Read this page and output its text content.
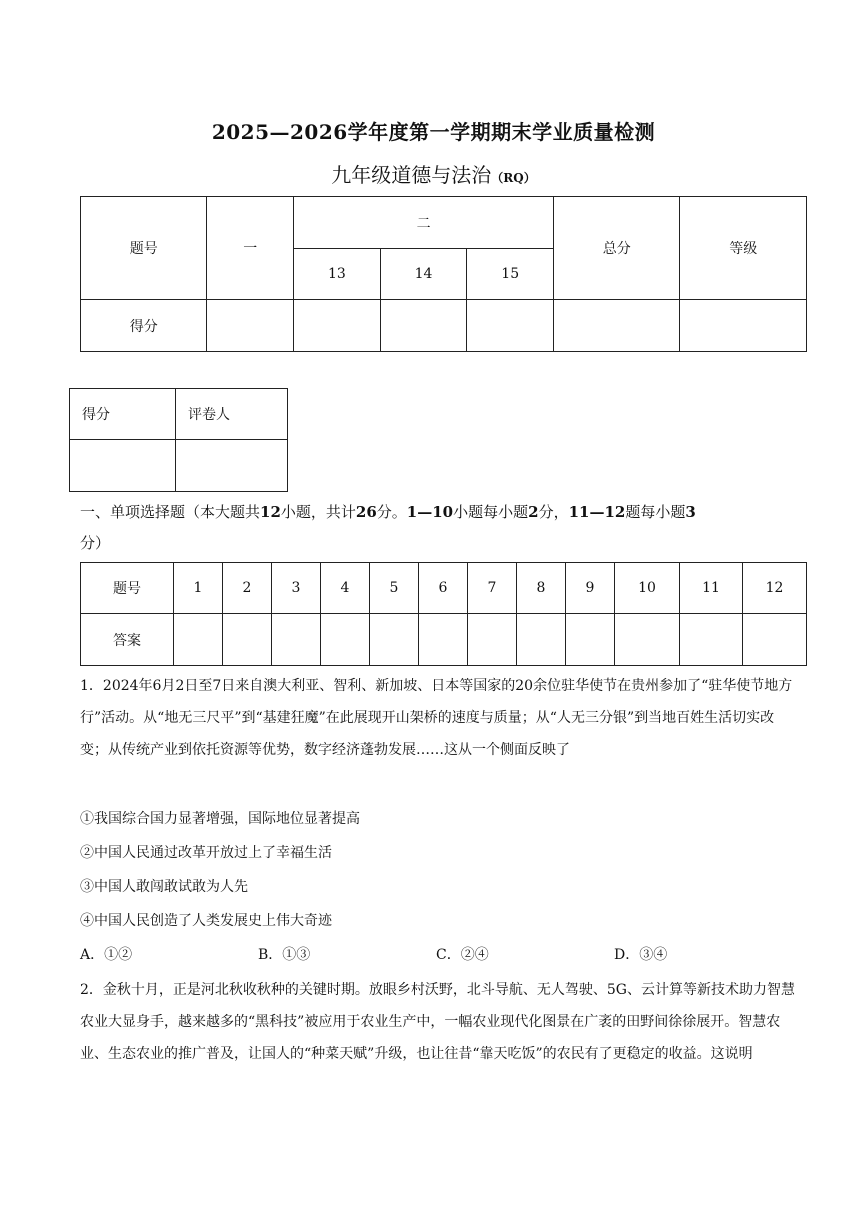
2025—2026学年度第一学期期末学业质量检测
九年级道德与法治（RQ）
题号	一	二			总分	等级
		13	14	15		
得分						
得分	评卷人

一、单项选择题（本大题共12小题，共计26分。1—10小题每小题2分，11—12题每小题3
分）
题号	1	2	3	4	5	6	7	8	9	10	11	12
答案												
1．2024年6月2日至7日来自澳大利亚、智利、新加坡、日本等国家的20余位驻华使节在贵州参加了“驻华使节地方行”活动。从“地无三尺平”到“基建狂魔”在此展现开山架桥的速度与质量；从“人无三分银”到当地百姓生活切实改变；从传统产业到依托资源等优势，数字经济蓬勃发展……这从一个侧面反映了
①我国综合国力显著增强，国际地位显著提高
②中国人民通过改革开放过上了幸福生活
③中国人敢闯敢试敢为人先
④中国人民创造了人类发展史上伟大奇迹
A．①②	B．①③	C．②④	D．③④
2．金秋十月，正是河北秋收秋种的关键时期。放眼乡村沃野，北斗导航、无人驾驶、5G、云计算等新技术助力智慧农业大显身手，越来越多的“黑科技”被应用于农业生产中，一幅农业现代化图景在广袤的田野间徐徐展开。智慧农业、生态农业的推广普及，让国人的“种菜天赋”升级，也让往昔“靠天吃饭”的农民有了更稳定的收益。这说明
